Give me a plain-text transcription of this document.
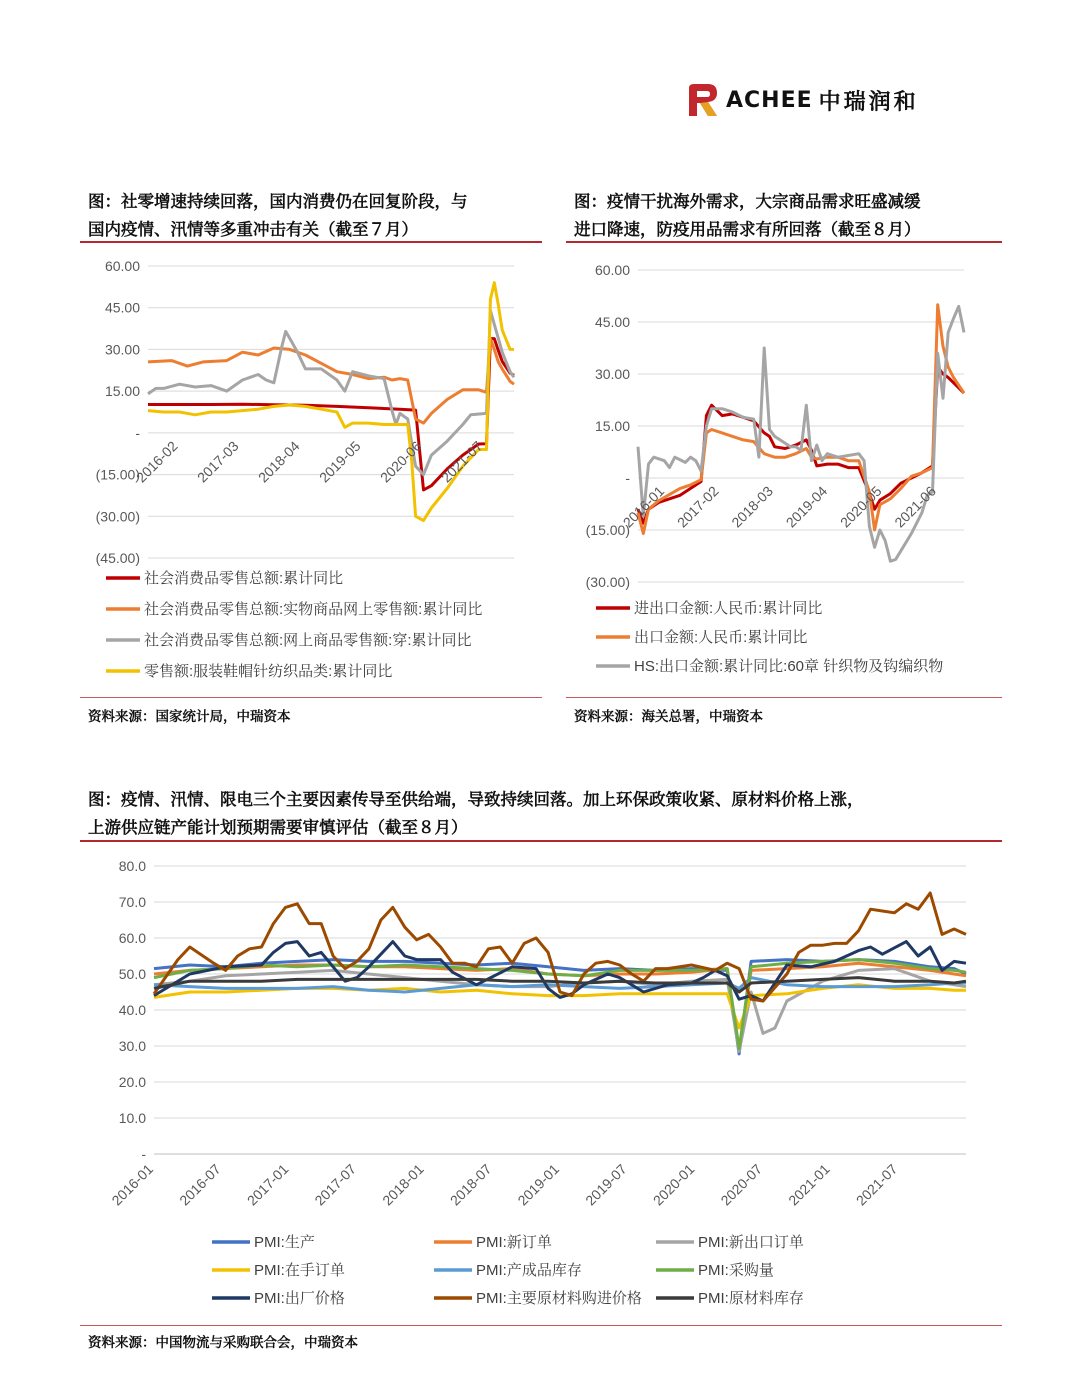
ACHEE 中瑞润和
图：社零增速持续回落，国内消费仍在回复阶段，与
国内疫情、汛情等多重冲击有关（截至７月）
图：疫情干扰海外需求，大宗商品需求旺盛减缓
进口降速，防疫用品需求有所回落（截至８月）
60.00
45.00
30.00
15.00
-
(15.00)
(30.00)
(45.00)
2016-02 2017-03 2018-04 2019-05 2020-06 2021-07
社会消费品零售总额:累计同比
社会消费品零售总额:实物商品网上零售额:累计同比
社会消费品零售总额:网上商品零售额:穿:累计同比
零售额:服装鞋帽针纺织品类:累计同比
60.00
45.00
30.00
15.00
-
(15.00)
(30.00)
2016-01 2017-02 2018-03 2019-04 2020-05 2021-06
进出口金额:人民币:累计同比
出口金额:人民币:累计同比
HS:出口金额:累计同比:60章 针织物及钩编织物
资料来源：国家统计局，中瑞资本	资料来源：海关总署，中瑞资本
图：疫情、汛情、限电三个主要因素传导至供给端，导致持续回落。加上环保政策收紧、原材料价格上涨，
上游供应链产能计划预期需要审慎评估（截至８月）
80.0
70.0
60.0
50.0
40.0
30.0
20.0
10.0
-
2016-01 2016-07 2017-01 2017-07 2018-01 2018-07 2019-01 2019-07 2020-01 2020-07 2021-01 2021-07
PMI:生产	PMI:新订单	PMI:新出口订单
PMI:在手订单	PMI:产成品库存	PMI:采购量
PMI:出厂价格	PMI:主要原材料购进价格	PMI:原材料库存
资料来源：中国物流与采购联合会，中瑞资本
